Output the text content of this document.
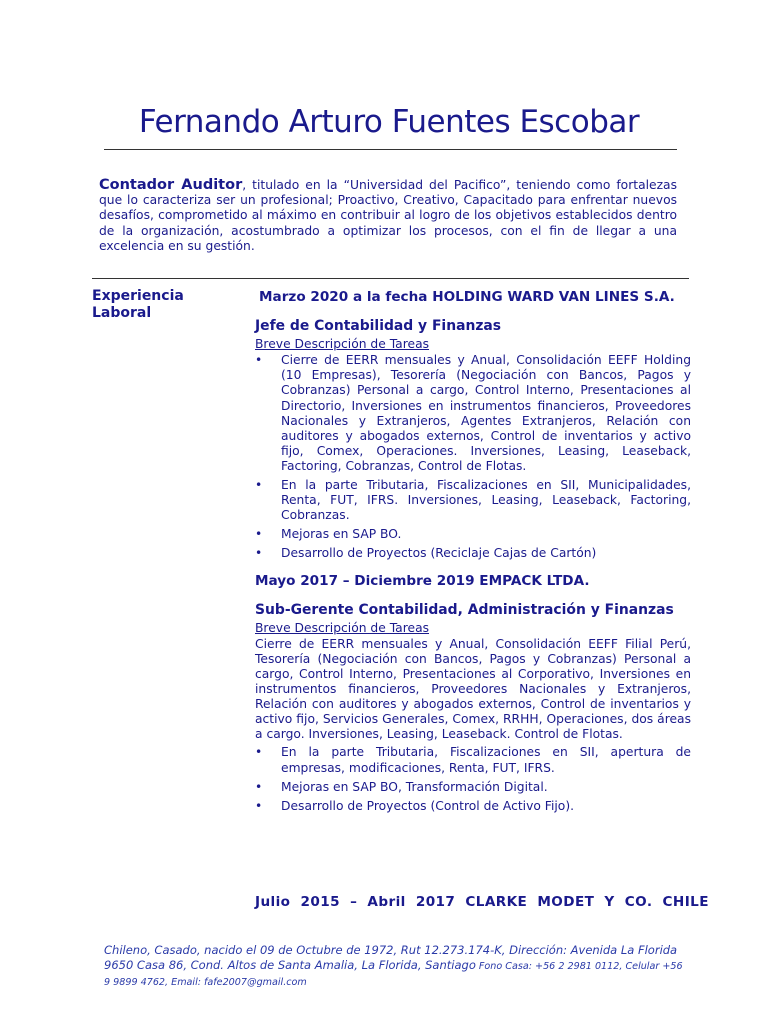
Fernando Arturo Fuentes Escobar
Contador Auditor, titulado en la “Universidad del Pacifico”, teniendo como fortalezas que lo caracteriza ser un profesional; Proactivo, Creativo, Capacitado para enfrentar nuevos desafíos, comprometido al máximo en contribuir al logro de los objetivos establecidos dentro de la organización, acostumbrado a optimizar los procesos, con el fin de llegar a una excelencia en su gestión.
Experiencia
Laboral
Marzo 2020 a la fecha HOLDING WARD VAN LINES S.A.
Jefe de Contabilidad y Finanzas
Breve Descripción de Tareas
• Cierre de EERR mensuales y Anual, Consolidación EEFF Holding (10 Empresas), Tesorería (Negociación con Bancos, Pagos y Cobranzas) Personal a cargo, Control Interno, Presentaciones al Directorio, Inversiones en instrumentos financieros, Proveedores Nacionales y Extranjeros, Agentes Extranjeros, Relación con auditores y abogados externos, Control de inventarios y activo fijo, Comex, Operaciones. Inversiones, Leasing, Leaseback, Factoring, Cobranzas, Control de Flotas.
• En la parte Tributaria, Fiscalizaciones en SII, Municipalidades, Renta, FUT, IFRS. Inversiones, Leasing, Leaseback, Factoring, Cobranzas.
• Mejoras en SAP BO.
• Desarrollo de Proyectos (Reciclaje Cajas de Cartón)
Mayo 2017 – Diciembre 2019 EMPACK LTDA.
Sub-Gerente Contabilidad, Administración y Finanzas
Breve Descripción de Tareas
Cierre de EERR mensuales y Anual, Consolidación EEFF Filial Perú, Tesorería (Negociación con Bancos, Pagos y Cobranzas) Personal a cargo, Control Interno, Presentaciones al Corporativo, Inversiones en instrumentos financieros, Proveedores Nacionales y Extranjeros, Relación con auditores y abogados externos, Control de inventarios y activo fijo, Servicios Generales, Comex, RRHH, Operaciones, dos áreas a cargo. Inversiones, Leasing, Leaseback. Control de Flotas.
• En la parte Tributaria, Fiscalizaciones en SII, apertura de empresas, modificaciones, Renta, FUT, IFRS.
• Mejoras en SAP BO, Transformación Digital.
• Desarrollo de Proyectos (Control de Activo Fijo).
Julio 2015 – Abril 2017 CLARKE MODET Y CO. CHILE
Chileno, Casado, nacido el 09 de Octubre de 1972, Rut 12.273.174-K, Dirección: Avenida La Florida 9650 Casa 86, Cond. Altos de Santa Amalia, La Florida, Santiago Fono Casa: +56 2 2981 0112, Celular +56 9 9899 4762, Email: fafe2007@gmail.com
